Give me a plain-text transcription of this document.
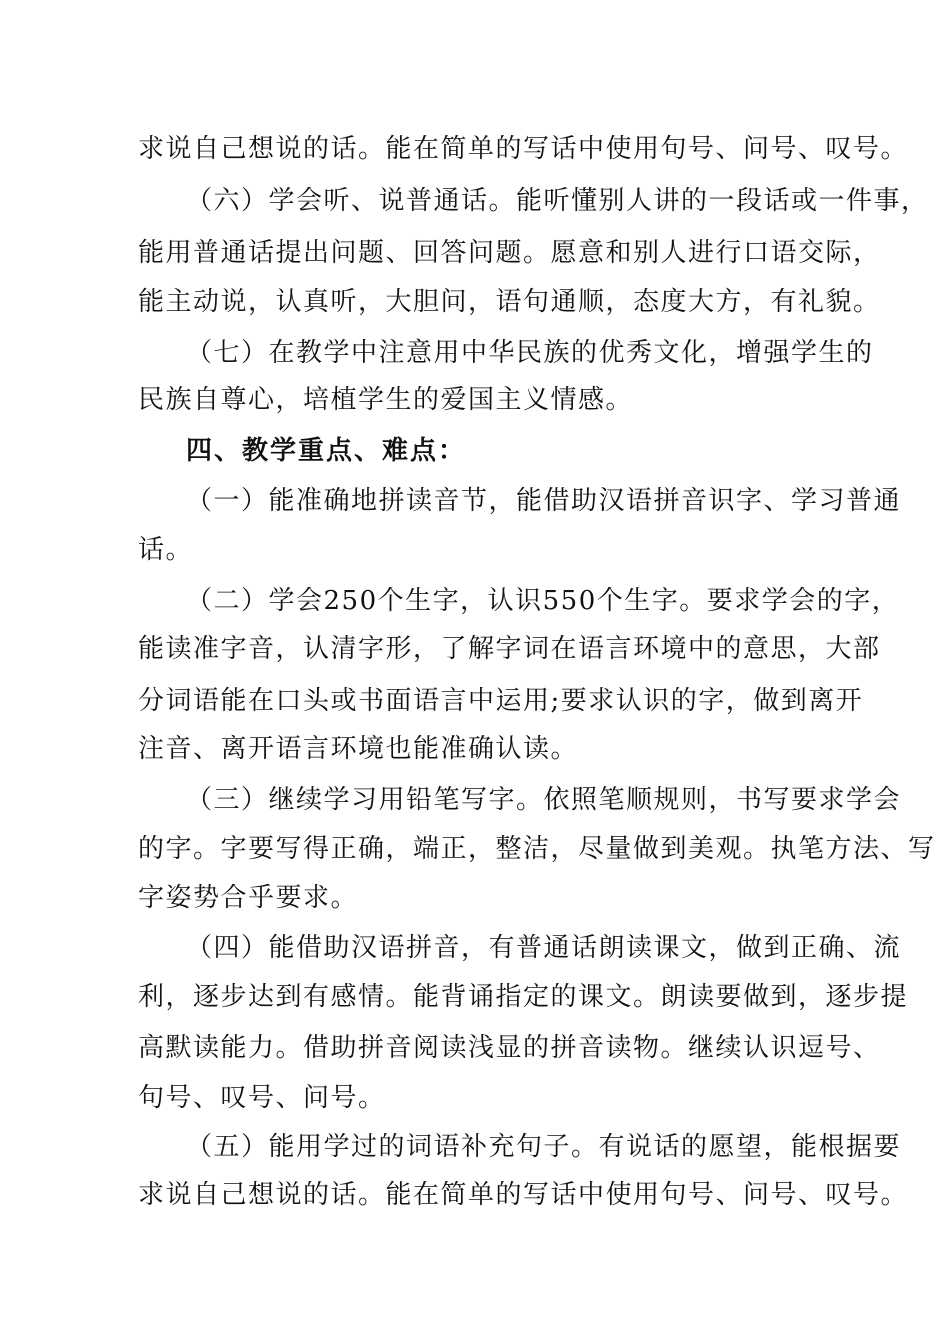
求说自己想说的话。能在简单的写话中使用句号、问号、叹号。
（六）学会听、说普通话。能听懂别人讲的一段话或一件事，
能用普通话提出问题、回答问题。愿意和别人进行口语交际，
能主动说，认真听，大胆问，语句通顺，态度大方，有礼貌。
（七）在教学中注意用中华民族的优秀文化，增强学生的
民族自尊心，培植学生的爱国主义情感。
四、教学重点、难点：
（一）能准确地拼读音节，能借助汉语拼音识字、学习普通
话。
（二）学会250个生字，认识550个生字。要求学会的字，
能读准字音，认清字形，了解字词在语言环境中的意思，大部
分词语能在口头或书面语言中运用;要求认识的字，做到离开
注音、离开语言环境也能准确认读。
（三）继续学习用铅笔写字。依照笔顺规则，书写要求学会
的字。字要写得正确，端正，整洁，尽量做到美观。执笔方法、写
字姿势合乎要求。
（四）能借助汉语拼音，有普通话朗读课文，做到正确、流
利，逐步达到有感情。能背诵指定的课文。朗读要做到，逐步提
高默读能力。借助拼音阅读浅显的拼音读物。继续认识逗号、
句号、叹号、问号。
（五）能用学过的词语补充句子。有说话的愿望，能根据要
求说自己想说的话。能在简单的写话中使用句号、问号、叹号。
